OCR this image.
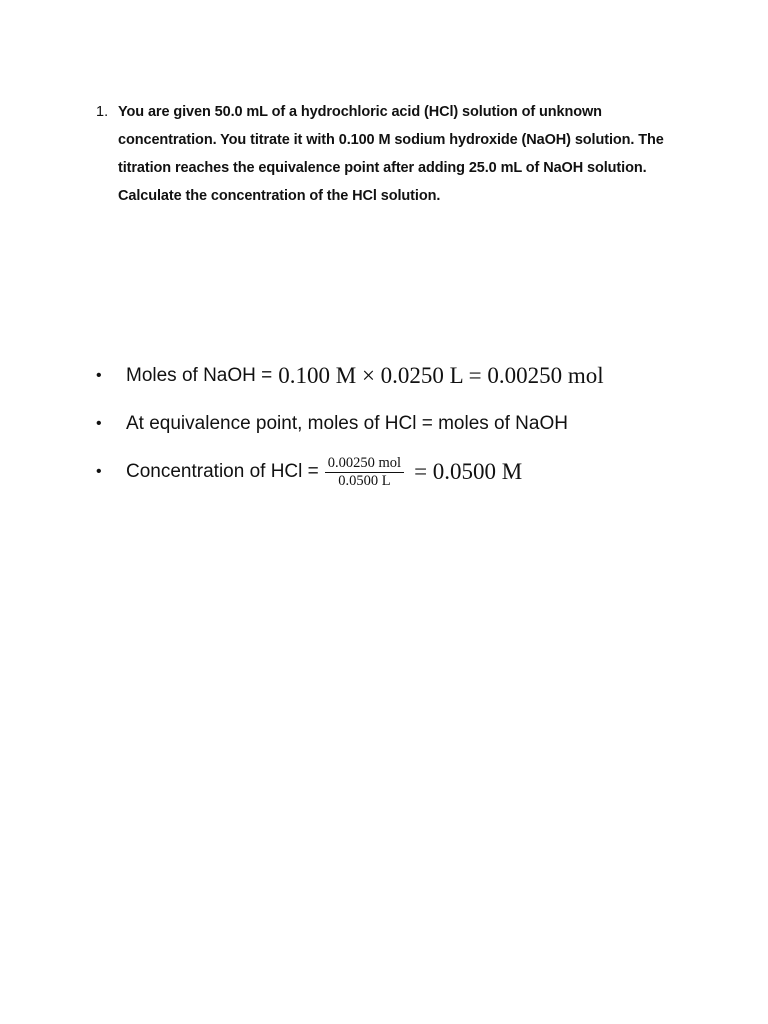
1. You are given 50.0 mL of a hydrochloric acid (HCl) solution of unknown concentration. You titrate it with 0.100 M sodium hydroxide (NaOH) solution. The titration reaches the equivalence point after adding 25.0 mL of NaOH solution. Calculate the concentration of the HCl solution.
•	Moles of NaOH = 0.100 M × 0.0250 L = 0.00250 mol
•	At equivalence point, moles of HCl = moles of NaOH
•	Concentration of HCl = $\frac{\text{0.00250 mol}}{0.0500 L} = 0.0500$ M
